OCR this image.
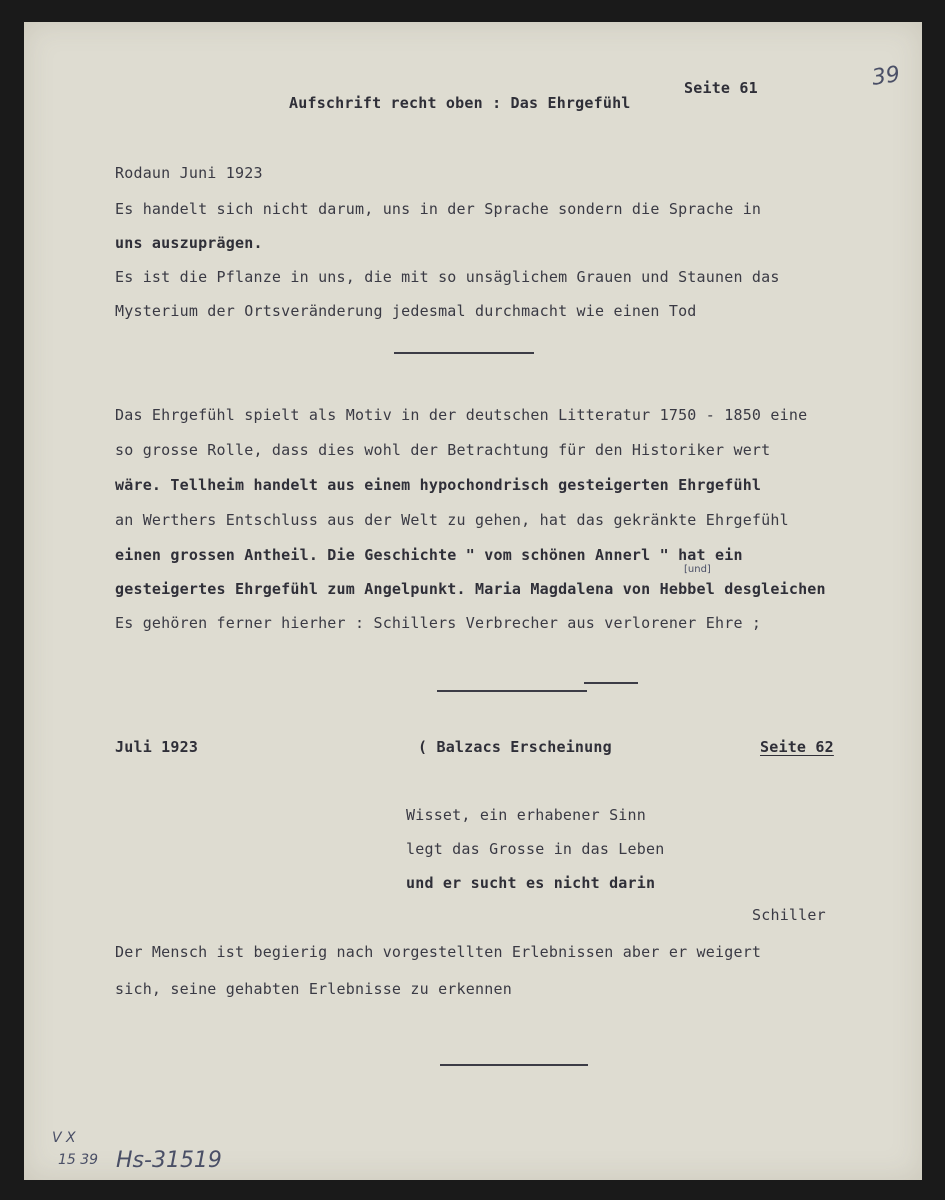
Seite 61
Aufschrift recht oben : Das Ehrgefühl
39
Rodaun Juni 1923
Es handelt sich nicht darum, uns in der Sprache sondern die Sprache in
uns auszuprägen.
Es ist die Pflanze in uns, die mit so unsäglichem Grauen und Staunen das
Mysterium der Ortsveränderung jedesmal durchmacht wie einen Tod
Das Ehrgefühl spielt als Motiv in der deutschen Litteratur 1750 - 1850 eine
so grosse Rolle, dass dies wohl der Betrachtung für den Historiker wert
wäre. Tellheim handelt aus einem hypochondrisch gesteigerten Ehrgefühl
an Werthers Entschluss aus der Welt zu gehen, hat das gekränkte Ehrgefühl
einen grossen Antheil. Die Geschichte " vom schönen Annerl " hat ein
[und]
gesteigertes Ehrgefühl zum Angelpunkt. Maria Magdalena von Hebbel desgleichen
Es gehören ferner hierher : Schillers Verbrecher aus verlorener Ehre ;
Juli 1923	( Balzacs Erscheinung	Seite 62
Wisset, ein erhabener Sinn
legt das Grosse in das Leben
und er sucht es nicht darin
Schiller
Der Mensch ist begierig nach vorgestellten Erlebnissen aber er weigert
sich, seine gehabten Erlebnisse zu erkennen
V X
15 39 Hs-31519
